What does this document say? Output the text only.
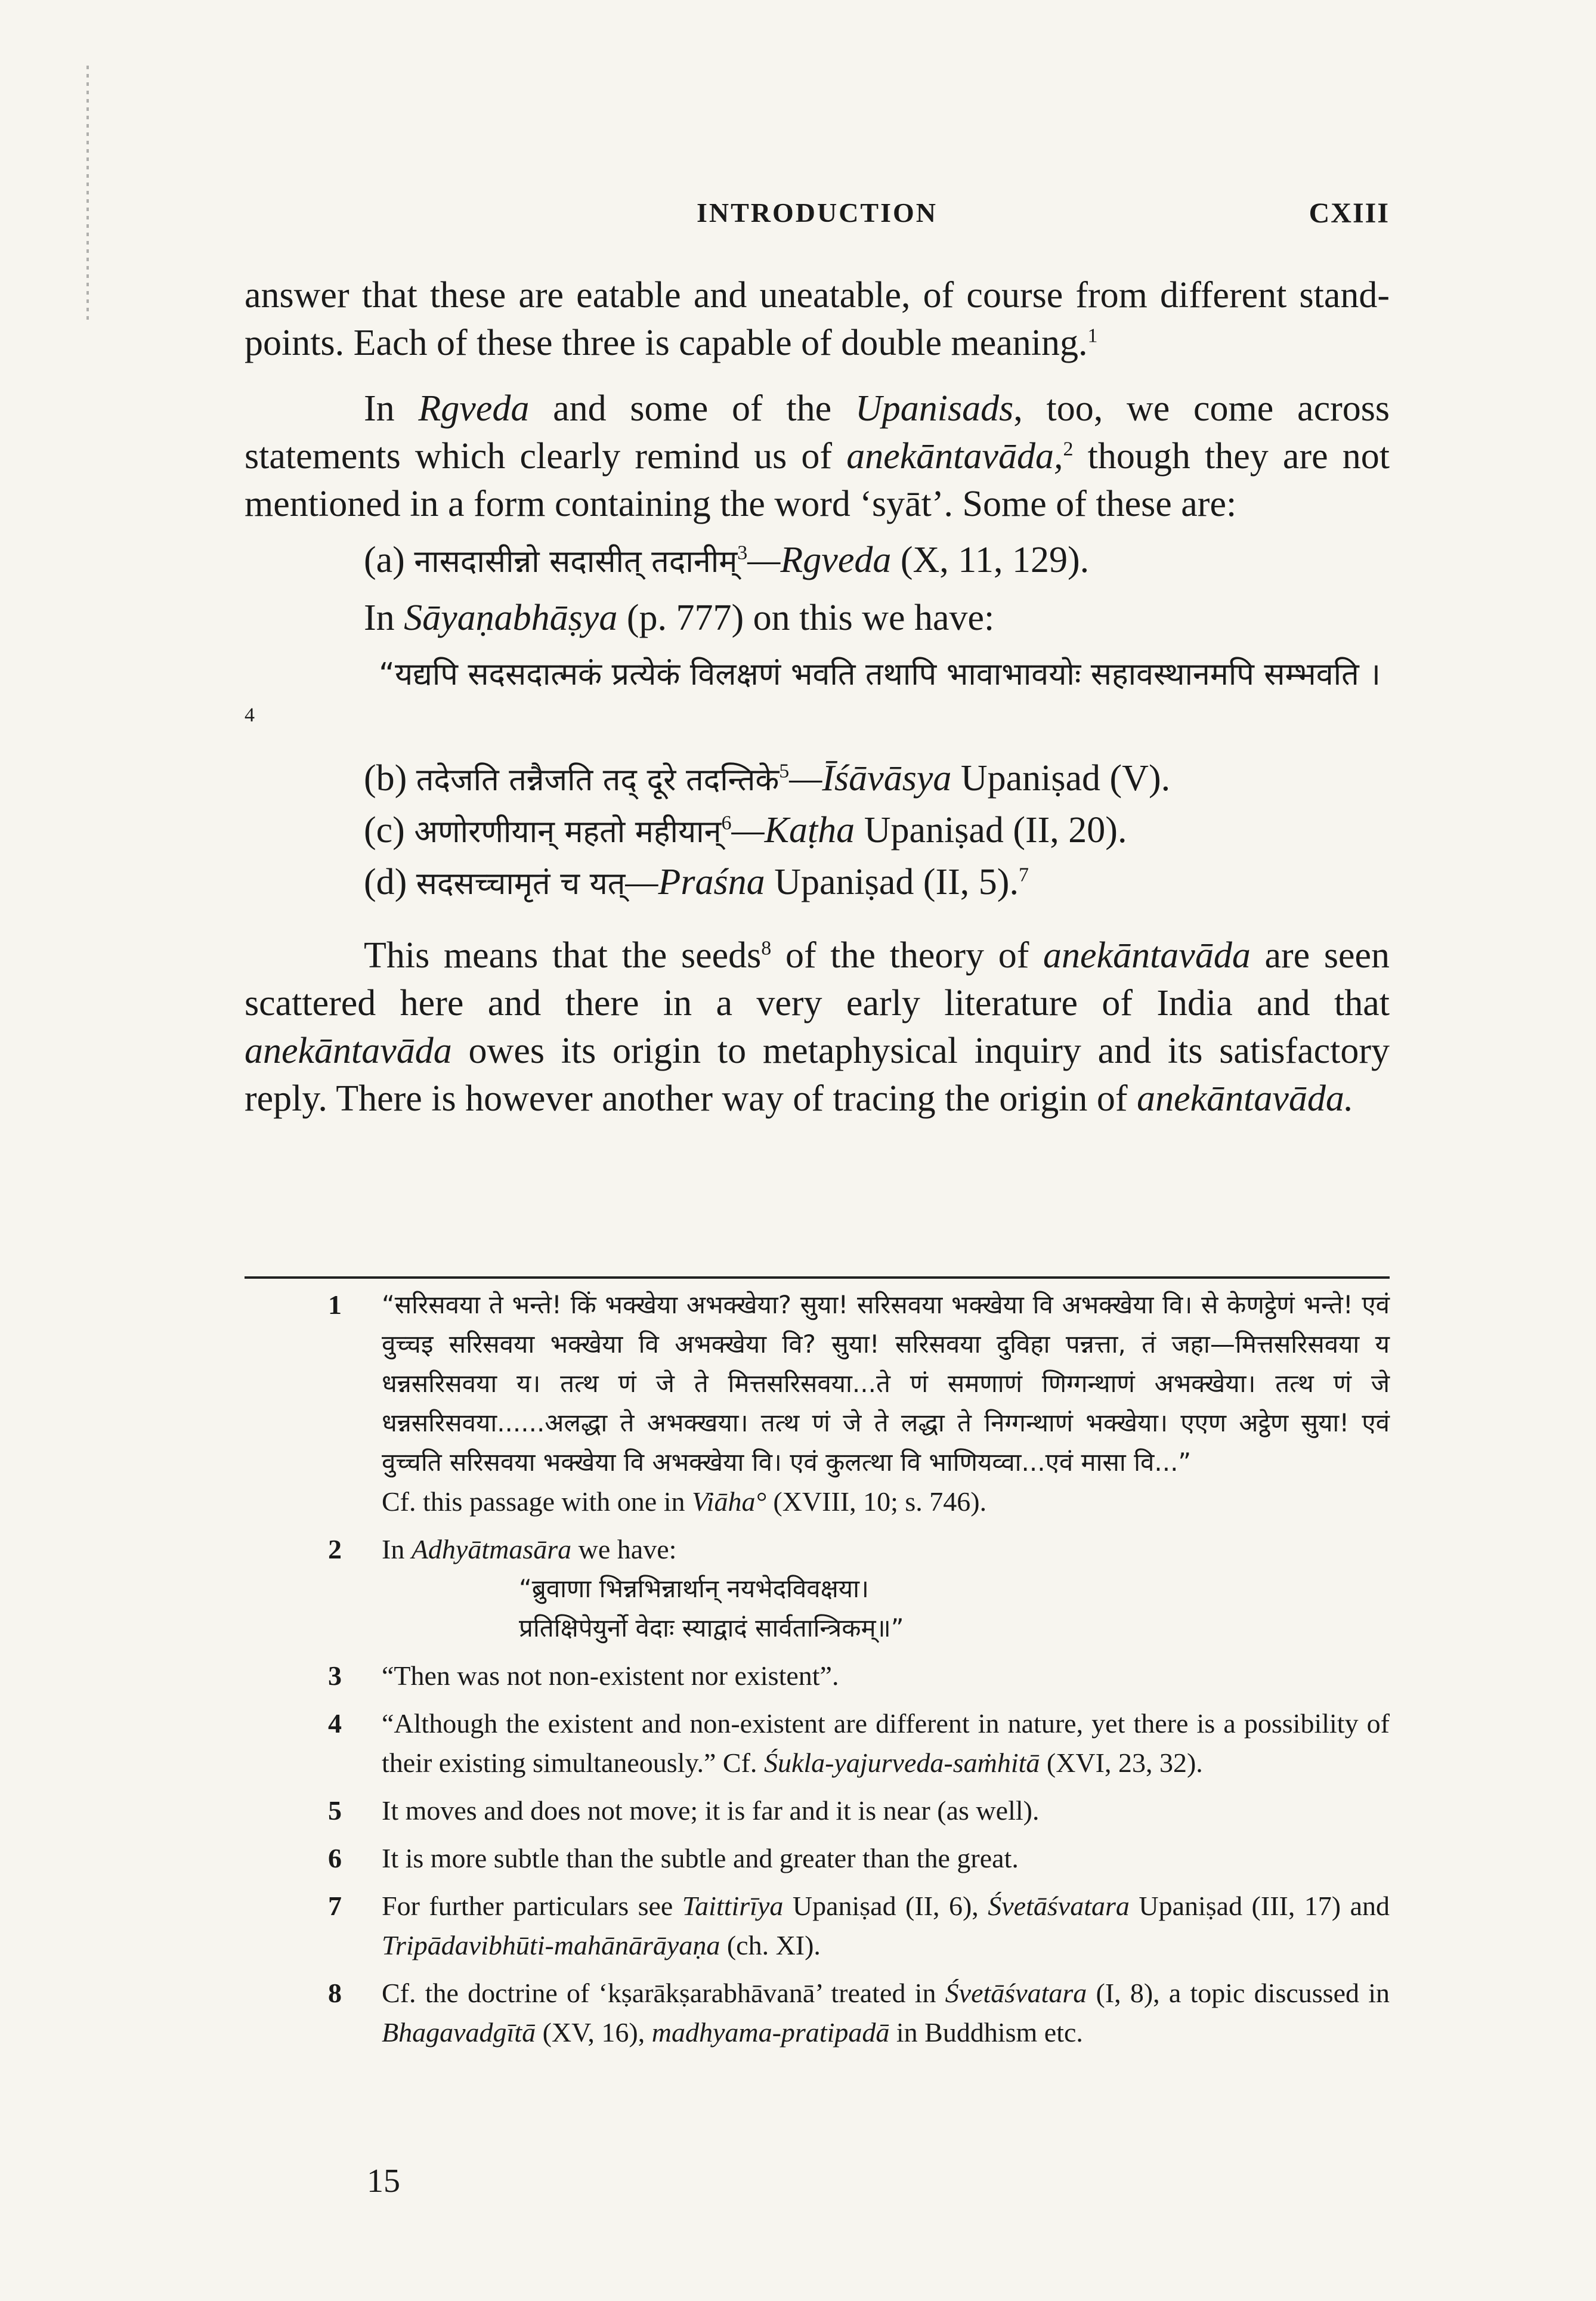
INTRODUCTION	CXIII

answer that these are eatable and uneatable, of course from different stand-points. Each of these three is capable of double meaning.$^1$

In Rgveda and some of the Upanisads, too, we come across statements which clearly remind us of anekāntavāda,$^2$ though they are not mentioned in a form containing the word ‘syāt’. Some of these are:

(a) नासदासीन्नो सदासीत् तदानीम्$^3$—Rgveda (X, 11, 129).
In Sāyaṇabhāṣya (p. 777) on this we have:
“यद्यपि सदसदात्मकं प्रत्येकं विलक्षणं भवति तथापि भावाभावयोः सहावस्थानमपि सम्भवति ।$^4$
(b) तदेजति तन्नैजति तद् दूरे तदन्तिके$^5$—Īśāvāsya Upaniṣad (V).
(c) अणोरणीयान् महतो महीयान्$^6$—Kaṭha Upaniṣad (II, 20).
(d) सदसच्चामृतं च यत्—Praśna Upaniṣad (II, 5).$^7$

This means that the seeds$^8$ of the theory of anekāntavāda are seen scattered here and there in a very early literature of India and that anekāntavāda owes its origin to metaphysical inquiry and its satisfactory reply. There is however another way of tracing the origin of anekāntavāda.

1 “सरिसवया ते भन्ते! किं भक्खेया अभक्खेया? सुया! सरिसवया भक्खेया वि अभक्खेया वि। से केणट्ठेणं भन्ते! एवं वुच्चइ सरिसवया भक्खेया वि अभक्खेया वि? सुया! सरिसवया दुविहा पन्नत्ता, तं जहा—मित्तसरिसवया य धन्नसरिसवया य। तत्थ णं जे ते मित्तसरिसवया...ते णं समणाणं णिग्गन्थाणं अभक्खेया। तत्थ णं जे धन्नसरिसवया......अलद्धा ते अभक्खया। तत्थ णं जे ते लद्धा ते निग्गन्थाणं भक्खेया। एएण अट्ठेण सुया! एवं वुच्चति सरिसवया भक्खेया वि अभक्खेया वि। एवं कुलत्था वि भाणियव्वा...एवं मासा वि...”
Cf. this passage with one in Viāha° (XVIII, 10; s. 746).
2 In Adhyātmasāra we have:
“ब्रुवाणा भिन्नभिन्नार्थान् नयभेदविवक्षया।
प्रतिक्षिपेयुर्नो वेदाः स्याद्वादं सार्वतान्त्रिकम्॥”
3 “Then was not non-existent nor existent”.
4 “Although the existent and non-existent are different in nature, yet there is a possibility of their existing simultaneously.” Cf. Śukla-yajurveda-saṁhitā (XVI, 23, 32).
5 It moves and does not move; it is far and it is near (as well).
6 It is more subtle than the subtle and greater than the great.
7 For further particulars see Taittirīya Upaniṣad (II, 6), Śvetāśvatara Upaniṣad (III, 17) and Tripādavibhūti-mahānārāyaṇa (ch. XI).
8 Cf. the doctrine of ‘kṣarākṣarabhāvanā’ treated in Śvetāśvatara (I, 8), a topic discussed in Bhagavadgītā (XV, 16), madhyama-pratipadā in Buddhism etc.
15
